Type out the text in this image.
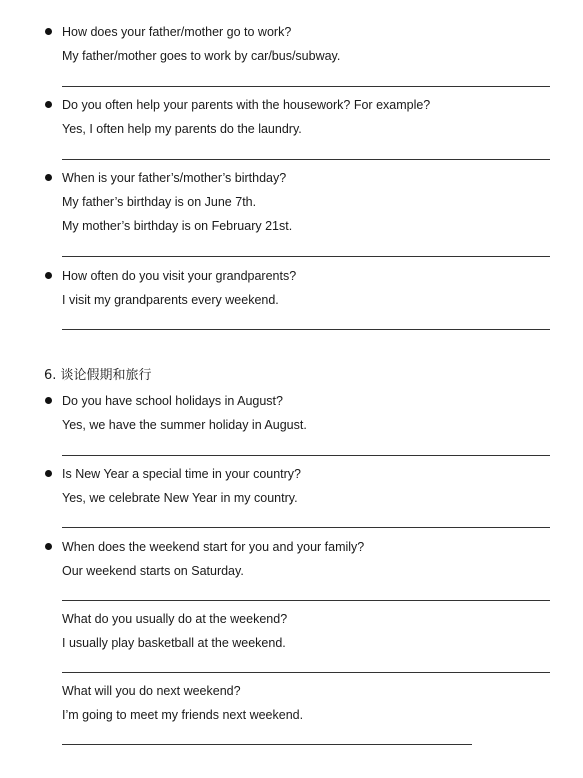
How does your father/mother go to work?
My father/mother goes to work by car/bus/subway.
Do you often help your parents with the housework? For example?
Yes, I often help my parents do the laundry.
When is your father’s/mother’s birthday?
My father’s birthday is on June 7th.
My mother’s birthday is on February 21st.
How often do you visit your grandparents?
I visit my grandparents every weekend.
6. 谈论假期和旅行
Do you have school holidays in August?
Yes, we have the summer holiday in August.
Is New Year a special time in your country?
Yes, we celebrate New Year in my country.
When does the weekend start for you and your family?
Our weekend starts on Saturday.
What do you usually do at the weekend?
I usually play basketball at the weekend.
What will you do next weekend?
I’m going to meet my friends next weekend.
